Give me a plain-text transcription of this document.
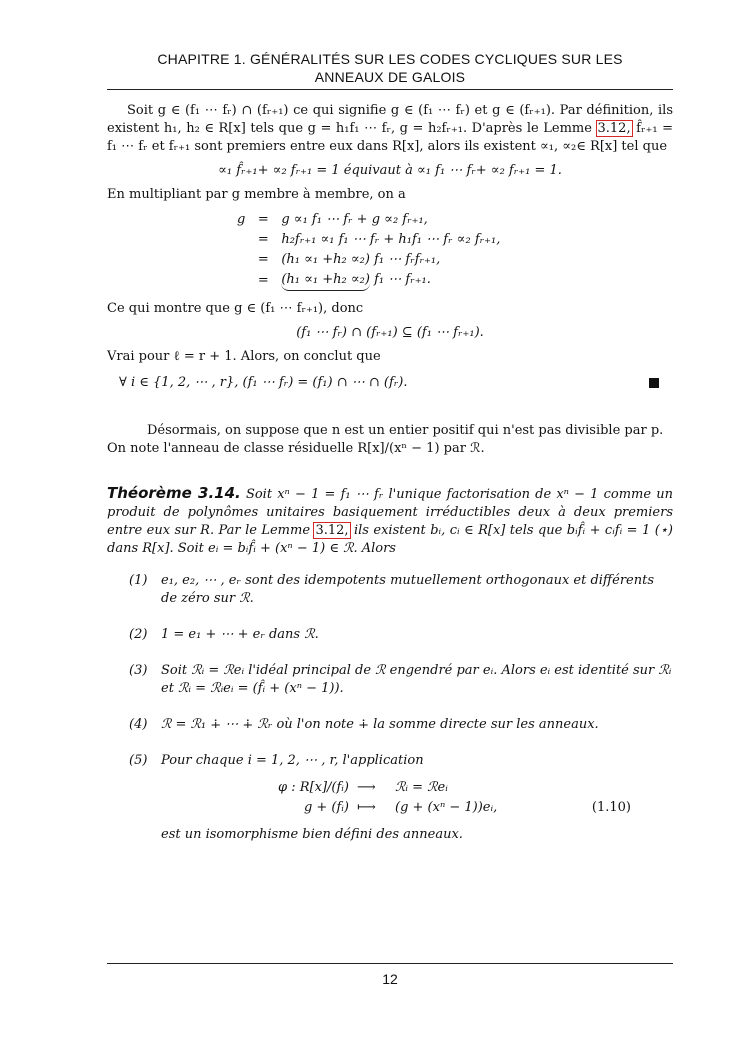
CHAPITRE 1. GÉNÉRALITÉS SUR LES CODES CYCLIQUES SUR LES
ANNEAUX DE GALOIS

Soit g ∈ (f₁ ⋯ fᵣ) ∩ (fᵣ₊₁) ce qui signifie g ∈ (f₁ ⋯ fᵣ) et g ∈ (fᵣ₊₁). Par définition, ils existent h₁, h₂ ∈ R[x] tels que g = h₁f₁ ⋯ fᵣ, g = h₂fᵣ₊₁. D'après le Lemme 3.12, f̂ᵣ₊₁ = f₁ ⋯ fᵣ et fᵣ₊₁ sont premiers entre eux dans R[x], alors ils existent ∝₁, ∝₂∈ R[x] tel que

∝₁ f̂ᵣ₊₁+ ∝₂ fᵣ₊₁ = 1 équivaut à ∝₁ f₁ ⋯ fᵣ+ ∝₂ fᵣ₊₁ = 1.

En multipliant par g membre à membre, on a

g	=	g ∝₁ f₁ ⋯ fᵣ + g ∝₂ fᵣ₊₁,
	=	h₂fᵣ₊₁ ∝₁ f₁ ⋯ fᵣ + h₁f₁ ⋯ fᵣ ∝₂ fᵣ₊₁,
	=	(h₁ ∝₁ +h₂ ∝₂) f₁ ⋯ fᵣfᵣ₊₁,
	=	(h₁ ∝₁ +h₂ ∝₂) f₁ ⋯ fᵣ₊₁.

Ce qui montre que g ∈ (f₁ ⋯ fᵣ₊₁), donc

(f₁ ⋯ fᵣ) ∩ (fᵣ₊₁) ⊆ (f₁ ⋯ fᵣ₊₁).

Vrai pour ℓ = r + 1. Alors, on conclut que

∀ i ∈ {1, 2, ⋯ , r}, (f₁ ⋯ fᵣ) = (f₁) ∩ ⋯ ∩ (fᵣ).

Désormais, on suppose que n est un entier positif qui n'est pas divisible par p.

On note l'anneau de classe résiduelle R[x]/(xⁿ − 1) par ℛ.

Théorème 3.14. Soit xⁿ − 1 = f₁ ⋯ fᵣ l'unique factorisation de xⁿ − 1 comme un produit de polynômes unitaires basiquement irréductibles deux à deux premiers entre eux sur R. Par le Lemme 3.12, ils existent bᵢ, cᵢ ∈ R[x] tels que bᵢf̂ᵢ + cᵢfᵢ = 1 (⋆) dans R[x]. Soit eᵢ = bᵢf̂ᵢ + (xⁿ − 1) ∈ ℛ. Alors

(1)	e₁, e₂, ⋯ , eᵣ sont des idempotents mutuellement orthogonaux et différents de zéro sur ℛ.
(2)	1 = e₁ + ⋯ + eᵣ dans ℛ.
(3)	Soit ℛᵢ = ℛeᵢ l'idéal principal de ℛ engendré par eᵢ. Alors eᵢ est identité sur ℛᵢ et ℛᵢ = ℛᵢeᵢ = (f̂ᵢ + (xⁿ − 1)).
(4)	ℛ = ℛ₁ ∔ ⋯ ∔ ℛᵣ où l'on note ∔ la somme directe sur les anneaux.
(5)	Pour chaque i = 1, 2, ⋯ , r, l'application
φ : R[x]/(fᵢ)	⟶	ℛᵢ = ℛeᵢ	
g + (fᵢ)	⟼	(g + (xⁿ − 1))eᵢ,	(1.10)

est un isomorphisme bien défini des anneaux.

12
